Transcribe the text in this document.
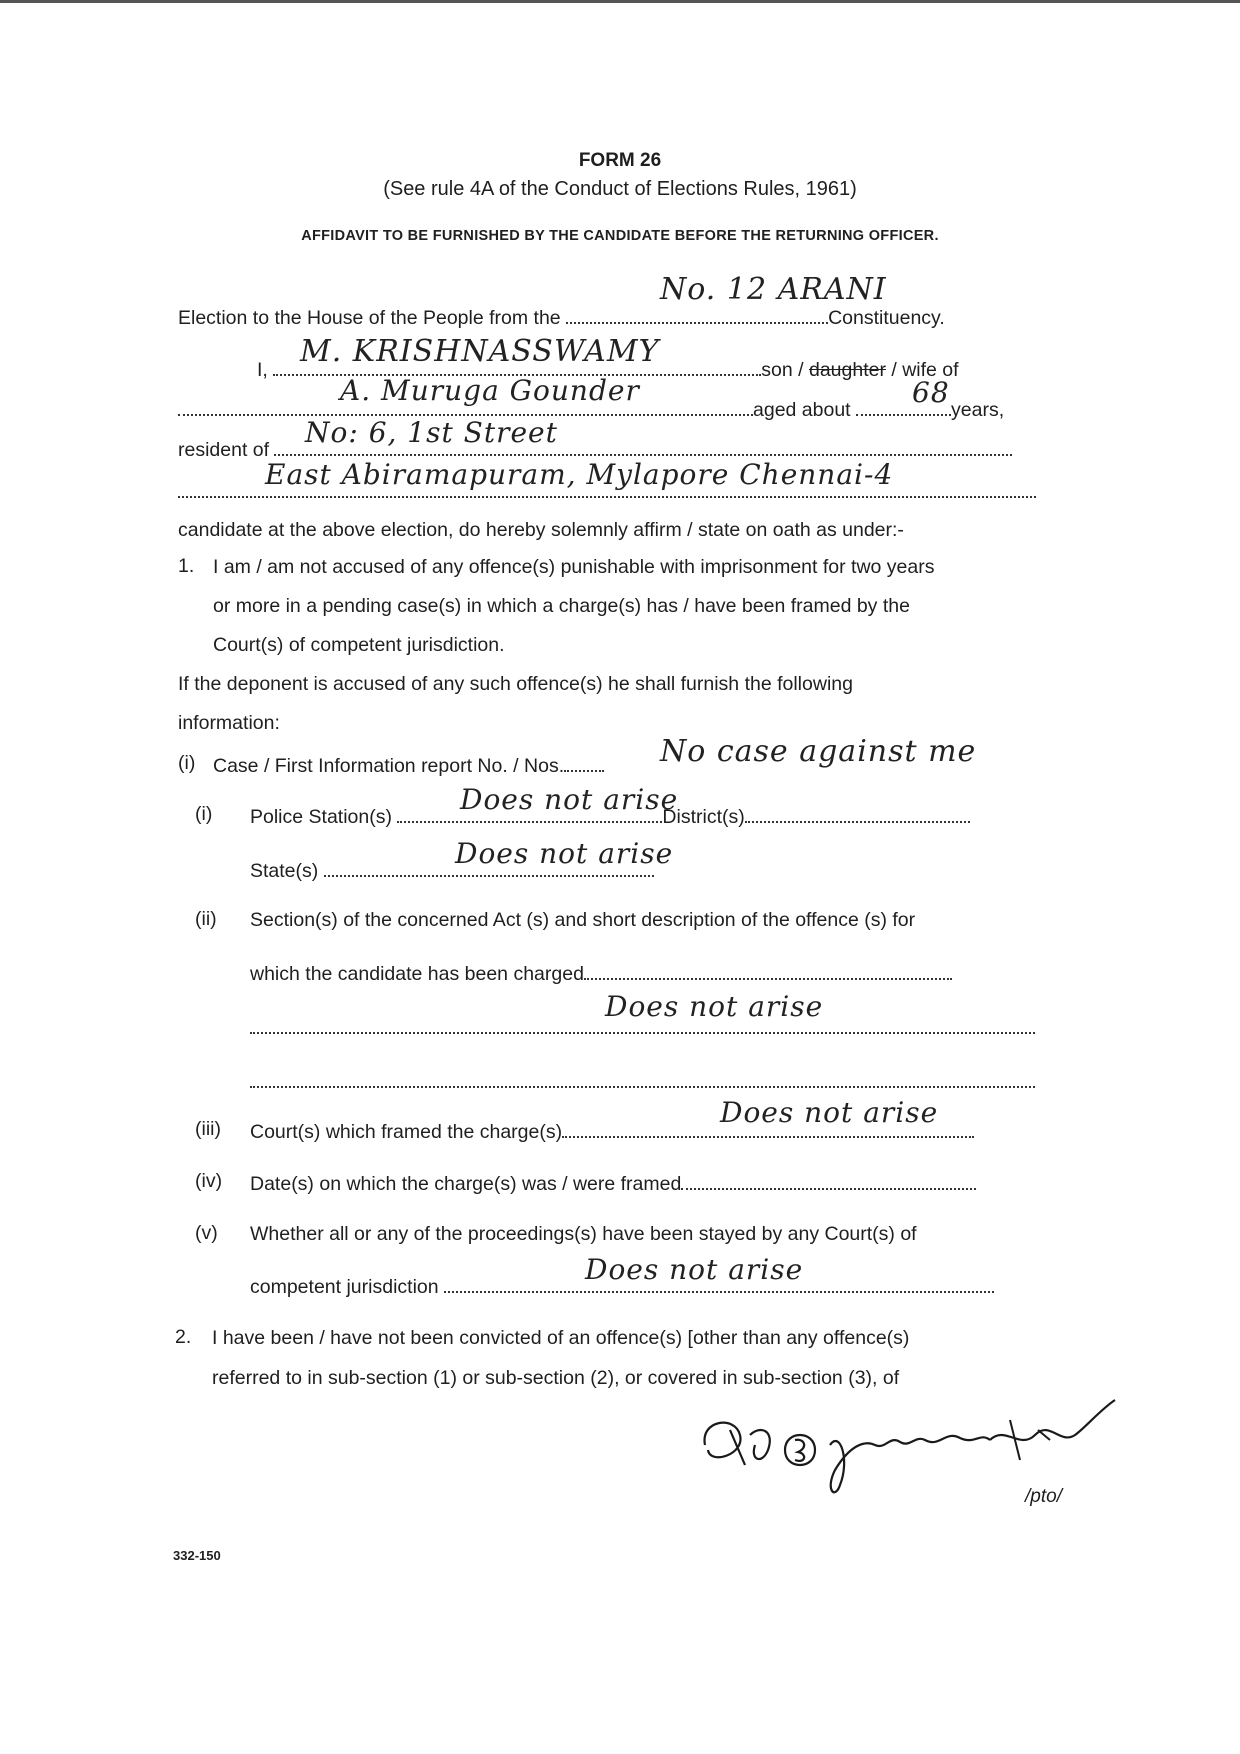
FORM 26
(See rule 4A of the Conduct of Elections Rules, 1961)
AFFIDAVIT TO BE FURNISHED BY THE CANDIDATE BEFORE THE RETURNING OFFICER.
Election to the House of the People from the	Constituency.
No. 12 ARANI
I,	son / daughter / wife of
M. KRISHNASSWAMY
aged about	years,
A. Muruga Gounder	68
resident of
No: 6, 1st Street
East Abiramapuram, Mylapore Chennai-4
candidate at the above election, do hereby solemnly affirm / state on oath as under:-
1. I am / am not accused of any offence(s) punishable with imprisonment for two years
or more in a pending case(s) in which a charge(s) has / have been framed by the
Court(s) of competent jurisdiction.
If the deponent is accused of any such offence(s) he shall furnish the following
information:
(i) Case / First Information report No. / Nos.	No case against me
(i) Police Station(s)	District(s)
Does not arise
State(s)
Does not arise
(ii) Section(s) of the concerned Act (s) and short description of the offence (s) for
which the candidate has been charged
Does not arise
(iii) Court(s) which framed the charge(s)
Does not arise
(iv) Date(s) on which the charge(s) was / were framed
(v) Whether all or any of the proceedings(s) have been stayed by any Court(s) of
competent jurisdiction
Does not arise
2. I have been / have not been convicted of an offence(s) [other than any offence(s)
referred to in sub-section (1) or sub-section (2), or covered in sub-section (3), of
/pto/
332-150
